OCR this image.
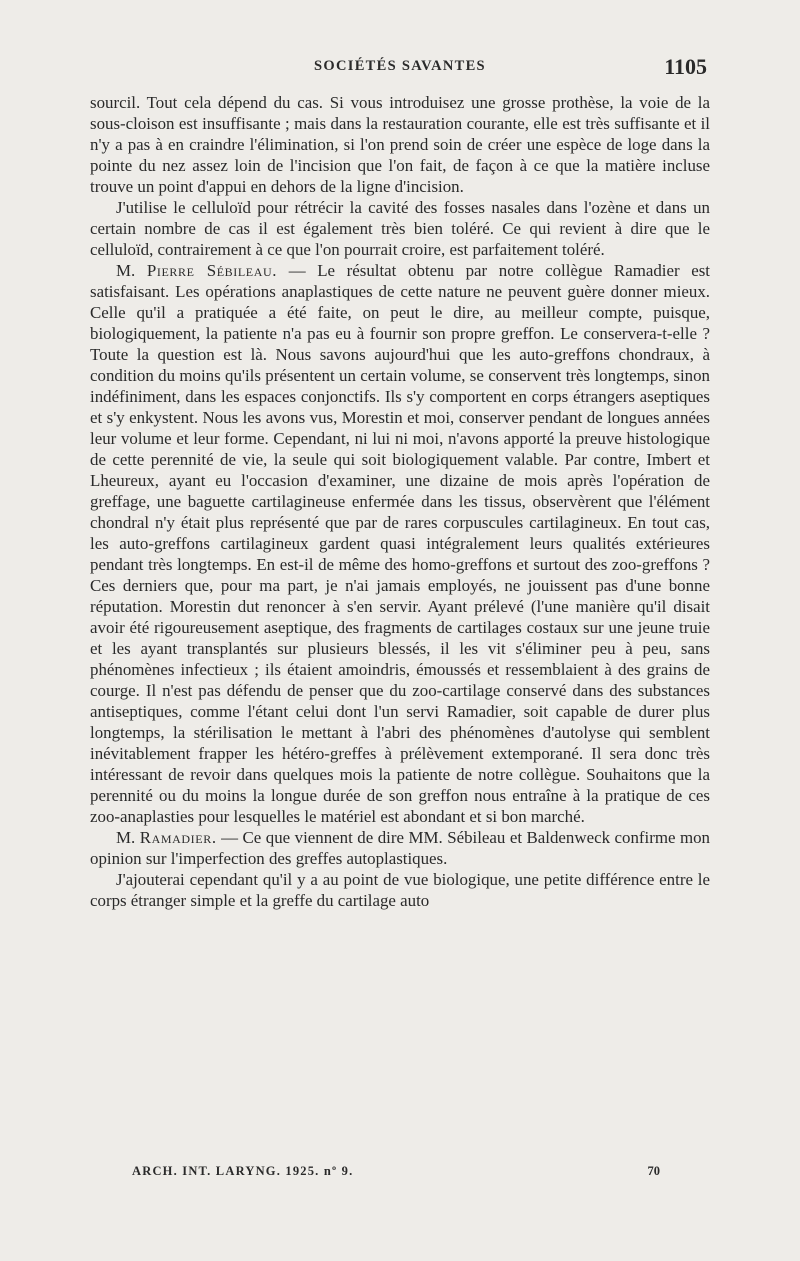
SOCIÉTÉS SAVANTES	1105

sourcil. Tout cela dépend du cas. Si vous introduisez une grosse prothèse, la voie de la sous-cloison est insuffisante ; mais dans la restauration courante, elle est très suffisante et il n'y a pas à en craindre l'élimination, si l'on prend soin de créer une espèce de loge dans la pointe du nez assez loin de l'incision que l'on fait, de façon à ce que la matière incluse trouve un point d'appui en dehors de la ligne d'incision.

J'utilise le celluloïd pour rétrécir la cavité des fosses nasales dans l'ozène et dans un certain nombre de cas il est également très bien toléré. Ce qui revient à dire que le celluloïd, contrairement à ce que l'on pourrait croire, est parfaitement toléré.

M. Pierre Sébileau. — Le résultat obtenu par notre collègue Ramadier est satisfaisant. Les opérations anaplastiques de cette nature ne peuvent guère donner mieux. Celle qu'il a pratiquée a été faite, on peut le dire, au meilleur compte, puisque, biologiquement, la patiente n'a pas eu à fournir son propre greffon. Le conservera-t-elle ? Toute la question est là. Nous savons aujourd'hui que les auto-greffons chondraux, à condition du moins qu'ils présentent un certain volume, se conservent très longtemps, sinon indéfiniment, dans les espaces conjonctifs. Ils s'y comportent en corps étrangers aseptiques et s'y enkystent. Nous les avons vus, Morestin et moi, conserver pendant de longues années leur volume et leur forme. Cependant, ni lui ni moi, n'avons apporté la preuve histologique de cette perennité de vie, la seule qui soit biologiquement valable. Par contre, Imbert et Lheureux, ayant eu l'occasion d'examiner, une dizaine de mois après l'opération de greffage, une baguette cartilagineuse enfermée dans les tissus, observèrent que l'élément chondral n'y était plus représenté que par de rares corpuscules cartilagineux. En tout cas, les auto-greffons cartilagineux gardent quasi intégralement leurs qualités extérieures pendant très longtemps. En est-il de même des homo-greffons et surtout des zoo-greffons ? Ces derniers que, pour ma part, je n'ai jamais employés, ne jouissent pas d'une bonne réputation. Morestin dut renoncer à s'en servir. Ayant prélevé (l'une manière qu'il disait avoir été rigoureusement aseptique, des fragments de cartilages costaux sur une jeune truie et les ayant transplantés sur plusieurs blessés, il les vit s'éliminer peu à peu, sans phénomènes infectieux ; ils étaient amoindris, émoussés et ressemblaient à des grains de courge. Il n'est pas défendu de penser que du zoo-cartilage conservé dans des substances antiseptiques, comme l'étant celui dont l'un servi Ramadier, soit capable de durer plus longtemps, la stérilisation le mettant à l'abri des phénomènes d'autolyse qui semblent inévitablement frapper les hétéro-greffes à prélèvement extemporané. Il sera donc très intéressant de revoir dans quelques mois la patiente de notre collègue. Souhaitons que la perennité ou du moins la longue durée de son greffon nous entraîne à la pratique de ces zoo-anaplasties pour lesquelles le matériel est abondant et si bon marché.

M. Ramadier. — Ce que viennent de dire MM. Sébileau et Baldenweck confirme mon opinion sur l'imperfection des greffes autoplastiques.

J'ajouterai cependant qu'il y a au point de vue biologique, une petite différence entre le corps étranger simple et la greffe du cartilage auto

ARCH. INT. LARYNG. 1925. nº 9.	70
